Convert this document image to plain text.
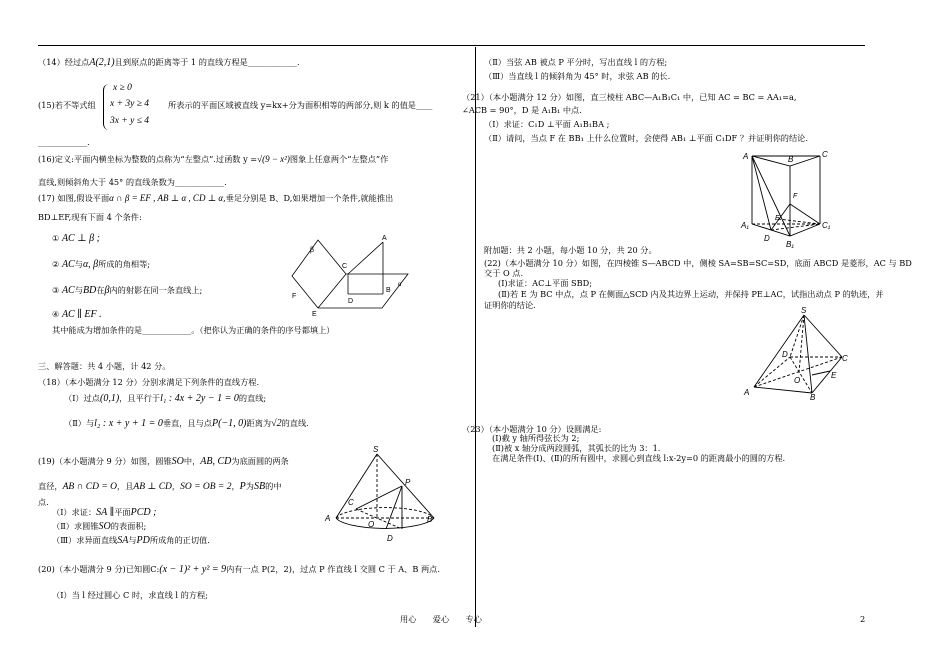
（14）经过点A(2,1)且到原点的距离等于 1 的直线方程是____________.
(15)若不等式组
x ≥ 0
x + 3y ≥ 4
3x + y ≤ 4
所表示的平面区域被直线 y=kx+分为面积相等的两部分,则 k 的值是____
____________.
(16)定义:平面内横坐标为整数的点称为“左整点”.过函数 y =√(9 − x²)图象上任意两个“左整点”作
直线,则倾斜角大于 45° 的直线条数为____________.
(17) 如图,假设平面α ∩ β = EF , AB ⊥ α , CD ⊥ α,垂足分别是 B、D,如果增加一个条件,就能推出
BD⊥EF,现有下面 4 个条件:
① AC ⊥ β ;
② AC与α, β所成的角相等;
③ AC与BD在β内的射影在同一条直线上;
④ AC ∥ EF .
其中能成为增加条件的是____________。（把你认为正确的条件的序号都填上）
β
A
C
α
B
D
E
F
三、解答题：共 4 小题，计 42 分。
（18）（本小题满分 12 分）分别求满足下列条件的直线方程.
（Ⅰ）过点(0,1)，且平行于l₁ : 4x + 2y − 1 = 0的直线;
（Ⅱ）与l₂ : x + y + 1 = 0垂直，且与点P(−1, 0)距离为√2的直线.
(19)（本小题满分 9 分）如图，圆锥SO中，AB, CD为底面圆的两条
直径，AB ∩ CD = O，且AB ⊥ CD，SO = OB = 2，P为SB的中
点.
（Ⅰ）求证：SA ∥平面PCD ;
（Ⅱ）求圆锥SO的表面积;
（Ⅲ）求异面直线SA与PD所成角的正切值.
S
P
C
A
O
B
D
(20)（本小题满分 9 分)已知圆C:(x − 1)² + y² = 9内有一点 P(2，2)，过点 P 作直线 l 交圆 C 于 A、B 两点.
（Ⅰ）当 l 经过圆心 C 时，求直线 l 的方程;
（Ⅱ）当弦 AB 被点 P 平分时，写出直线 l 的方程;
（Ⅲ）当直线 l 的倾斜角为 45° 时，求弦 AB 的长.
（21）（本小题满分 12 分）如图，直三棱柱 ABC—A₁B₁C₁ 中，已知 AC = BC = AA₁=a,
∠ACB = 90°，D 是 A₁B₁ 中点.
（Ⅰ）求证：C₁D ⊥平面 A₁B₁BA ;
（Ⅱ）请问，当点 F 在 BB₁ 上什么位置时，会使得 AB₁ ⊥平面 C₁DF ？并证明你的结论.
A	B
C
F
A₁
E
D
C₁
B₁
附加题：共 2 小题，每小题 10 分，共 20 分。
(22)（本小题满分 10 分）如图，在四棱锥 S—ABCD 中，侧棱 SA=SB=SC=SD，底面 ABCD 是菱形，AC 与 BD
交于 O 点.
(Ⅰ)求证：AC⊥平面 SBD;
(Ⅱ)若 E 为 BC 中点，点 P 在侧面△SCD 内及其边界上运动，并保持 PE⊥AC，试指出动点 P 的轨迹，并
证明你的结论.
S
D	C
O
E
A
B
（23）（本小题满分 10 分）设圆满足:
(Ⅰ)截 y 轴所得弦长为 2;
(Ⅱ)被 x 轴分成两段圆弧，其弧长的比为 3：1.
在满足条件(Ⅰ)、(Ⅱ)的所有圆中，求圆心到直线 l:x-2y=0 的距离最小的圆的方程.
用心　　爱心　　专心	2
